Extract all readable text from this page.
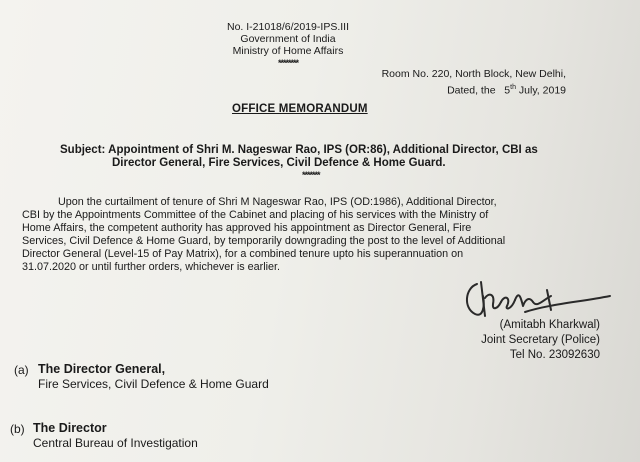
No. I-21018/6/2019-IPS.III
Government of India
Ministry of Home Affairs
********
Room No. 220, North Block, New Delhi,
Dated, the 5th July, 2019
OFFICE MEMORANDUM
Subject: Appointment of Shri M. Nageswar Rao, IPS (OR:86), Additional Director, CBI as
Director General, Fire Services, Civil Defence & Home Guard.
*******
Upon the curtailment of tenure of Shri M Nageswar Rao, IPS (OD:1986), Additional Director,
CBI by the Appointments Committee of the Cabinet and placing of his services with the Ministry of
Home Affairs, the competent authority has approved his appointment as Director General, Fire
Services, Civil Defence & Home Guard, by temporarily downgrading the post to the level of Additional
Director General (Level-15 of Pay Matrix), for a combined tenure upto his superannuation on
31.07.2020 or until further orders, whichever is earlier.
(Amitabh Kharkwal)
Joint Secretary (Police)
Tel No. 23092630
(a) The Director General,
Fire Services, Civil Defence & Home Guard
(b) The Director
Central Bureau of Investigation
